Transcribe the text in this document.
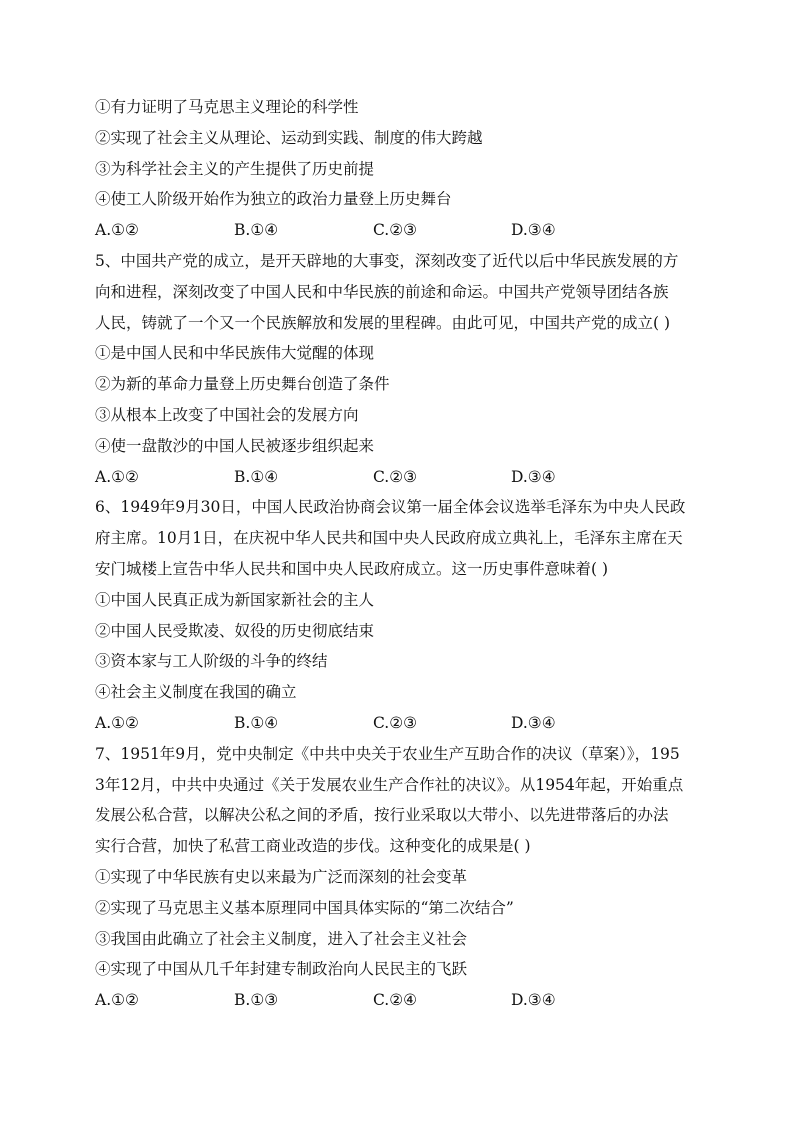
①有力证明了马克思主义理论的科学性
②实现了社会主义从理论、运动到实践、制度的伟大跨越
③为科学社会主义的产生提供了历史前提
④使工人阶级开始作为独立的政治力量登上历史舞台
A.①②	B.①④	C.②③	D.③④
5、中国共产党的成立，是开天辟地的大事变，深刻改变了近代以后中华民族发展的方
向和进程，深刻改变了中国人民和中华民族的前途和命运。中国共产党领导团结各族
人民，铸就了一个又一个民族解放和发展的里程碑。由此可见，中国共产党的成立( )
①是中国人民和中华民族伟大觉醒的体现
②为新的革命力量登上历史舞台创造了条件
③从根本上改变了中国社会的发展方向
④使一盘散沙的中国人民被逐步组织起来
A.①②	B.①④	C.②③	D.③④
6、1949年9月30日，中国人民政治协商会议第一届全体会议选举毛泽东为中央人民政
府主席。10月1日，在庆祝中华人民共和国中央人民政府成立典礼上，毛泽东主席在天
安门城楼上宣告中华人民共和国中央人民政府成立。这一历史事件意味着( )
①中国人民真正成为新国家新社会的主人
②中国人民受欺凌、奴役的历史彻底结束
③资本家与工人阶级的斗争的终结
④社会主义制度在我国的确立
A.①②	B.①④	C.②③	D.③④
7、1951年9月，党中央制定《中共中央关于农业生产互助合作的决议（草案）》，195
3年12月，中共中央通过《关于发展农业生产合作社的决议》。从1954年起，开始重点
发展公私合营，以解决公私之间的矛盾，按行业采取以大带小、以先进带落后的办法
实行合营，加快了私营工商业改造的步伐。这种变化的成果是( )
①实现了中华民族有史以来最为广泛而深刻的社会变革
②实现了马克思主义基本原理同中国具体实际的“第二次结合”
③我国由此确立了社会主义制度，进入了社会主义社会
④实现了中国从几千年封建专制政治向人民民主的飞跃
A.①②	B.①③	C.②④	D.③④
